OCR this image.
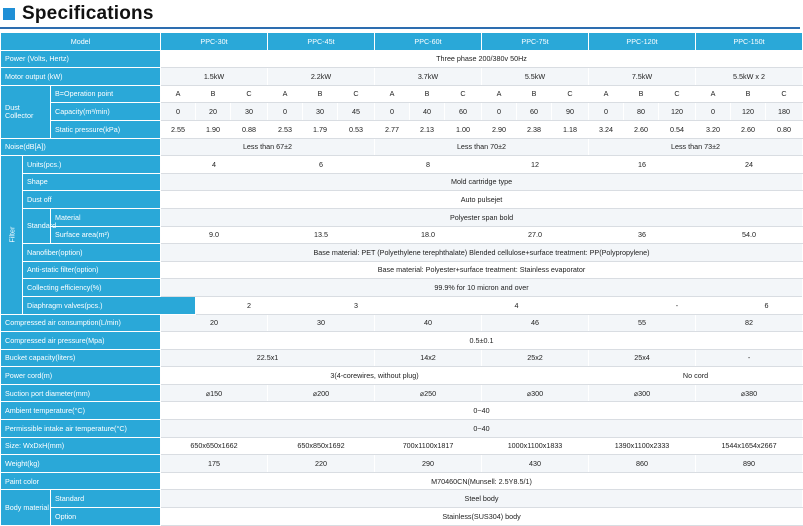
Specifications
Model			PPC-30t			PPC-45t			PPC-60t			PPC-75t			PPC-120t			PPC-150t		
Power (Volts, Hertz)			Three phase 200/380v 50Hz																	
Motor output (kW)			1.5kW			2.2kW			3.7kW			5.5kW			7.5kW			5.5kW x 2		
Dust Collector		B=Operation point	A	B	C	A	B	C	A	B	C	A	B	C	A	B	C	A	B	C
		Capacity(m³/min)	0	20	30	0	30	45	0	40	60	0	60	90	0	80	120	0	120	180
		Static pressure(kPa)	2.55	1.90	0.88	2.53	1.79	0.53	2.77	2.13	1.00	2.90	2.38	1.18	3.24	2.60	0.54	3.20	2.60	0.80
Noise(dB[A])			Less than 67±2						Less than 70±2						Less than 73±2					
Filter	Units(pcs.)		4			6			8			12			16			24		
	Shape		Mold cartridge type																	
	Dust off		Auto pulsejet																	
	Standard	Material	Polyester span bold																	
		Surface area(m²)	9.0			13.5			18.0			27.0			36			54.0		
	Nanofiber(option)		Base material: PET (Polyethylene terephthalate) Blended cellulose+surface treatment: PP(Polypropylene)																	
	Anti-static filter(option)		Base material: Polyester+surface treatment: Stainless evaporator																	
	Collecting efficiency(%)		99.9% for 10 micron and over																	
	Diaphragm valves(pcs.)			2			3			4						-			6	
Compressed air consumption(L/min)			20			30			40			46			55			82		
Compressed air pressure(Mpa)			0.5±0.1																	
Bucket capacity(liters)			22.5x1						14x2			25x2			25x4			-		
Power cord(m)			3(4-corewires, without plug)												No cord					
Suction port diameter(mm)			⌀150			⌀200			⌀250			⌀300			⌀300			⌀380		
Ambient temperature(°C)			0~40																	
Permissible intake air temperature(°C)			0~40																	
Size: WxDxH(mm)			650x650x1662			650x850x1692			700x1100x1817			1000x1100x1833			1390x1100x2333			1544x1654x2667		
Weight(kg)			175			220			290			430			860			890		
Paint color			M70460CN(Munsell: 2.5Y8.5/1)																	
Body material		Standard	Steel body																	
		Option	Stainless(SUS304) body																	
